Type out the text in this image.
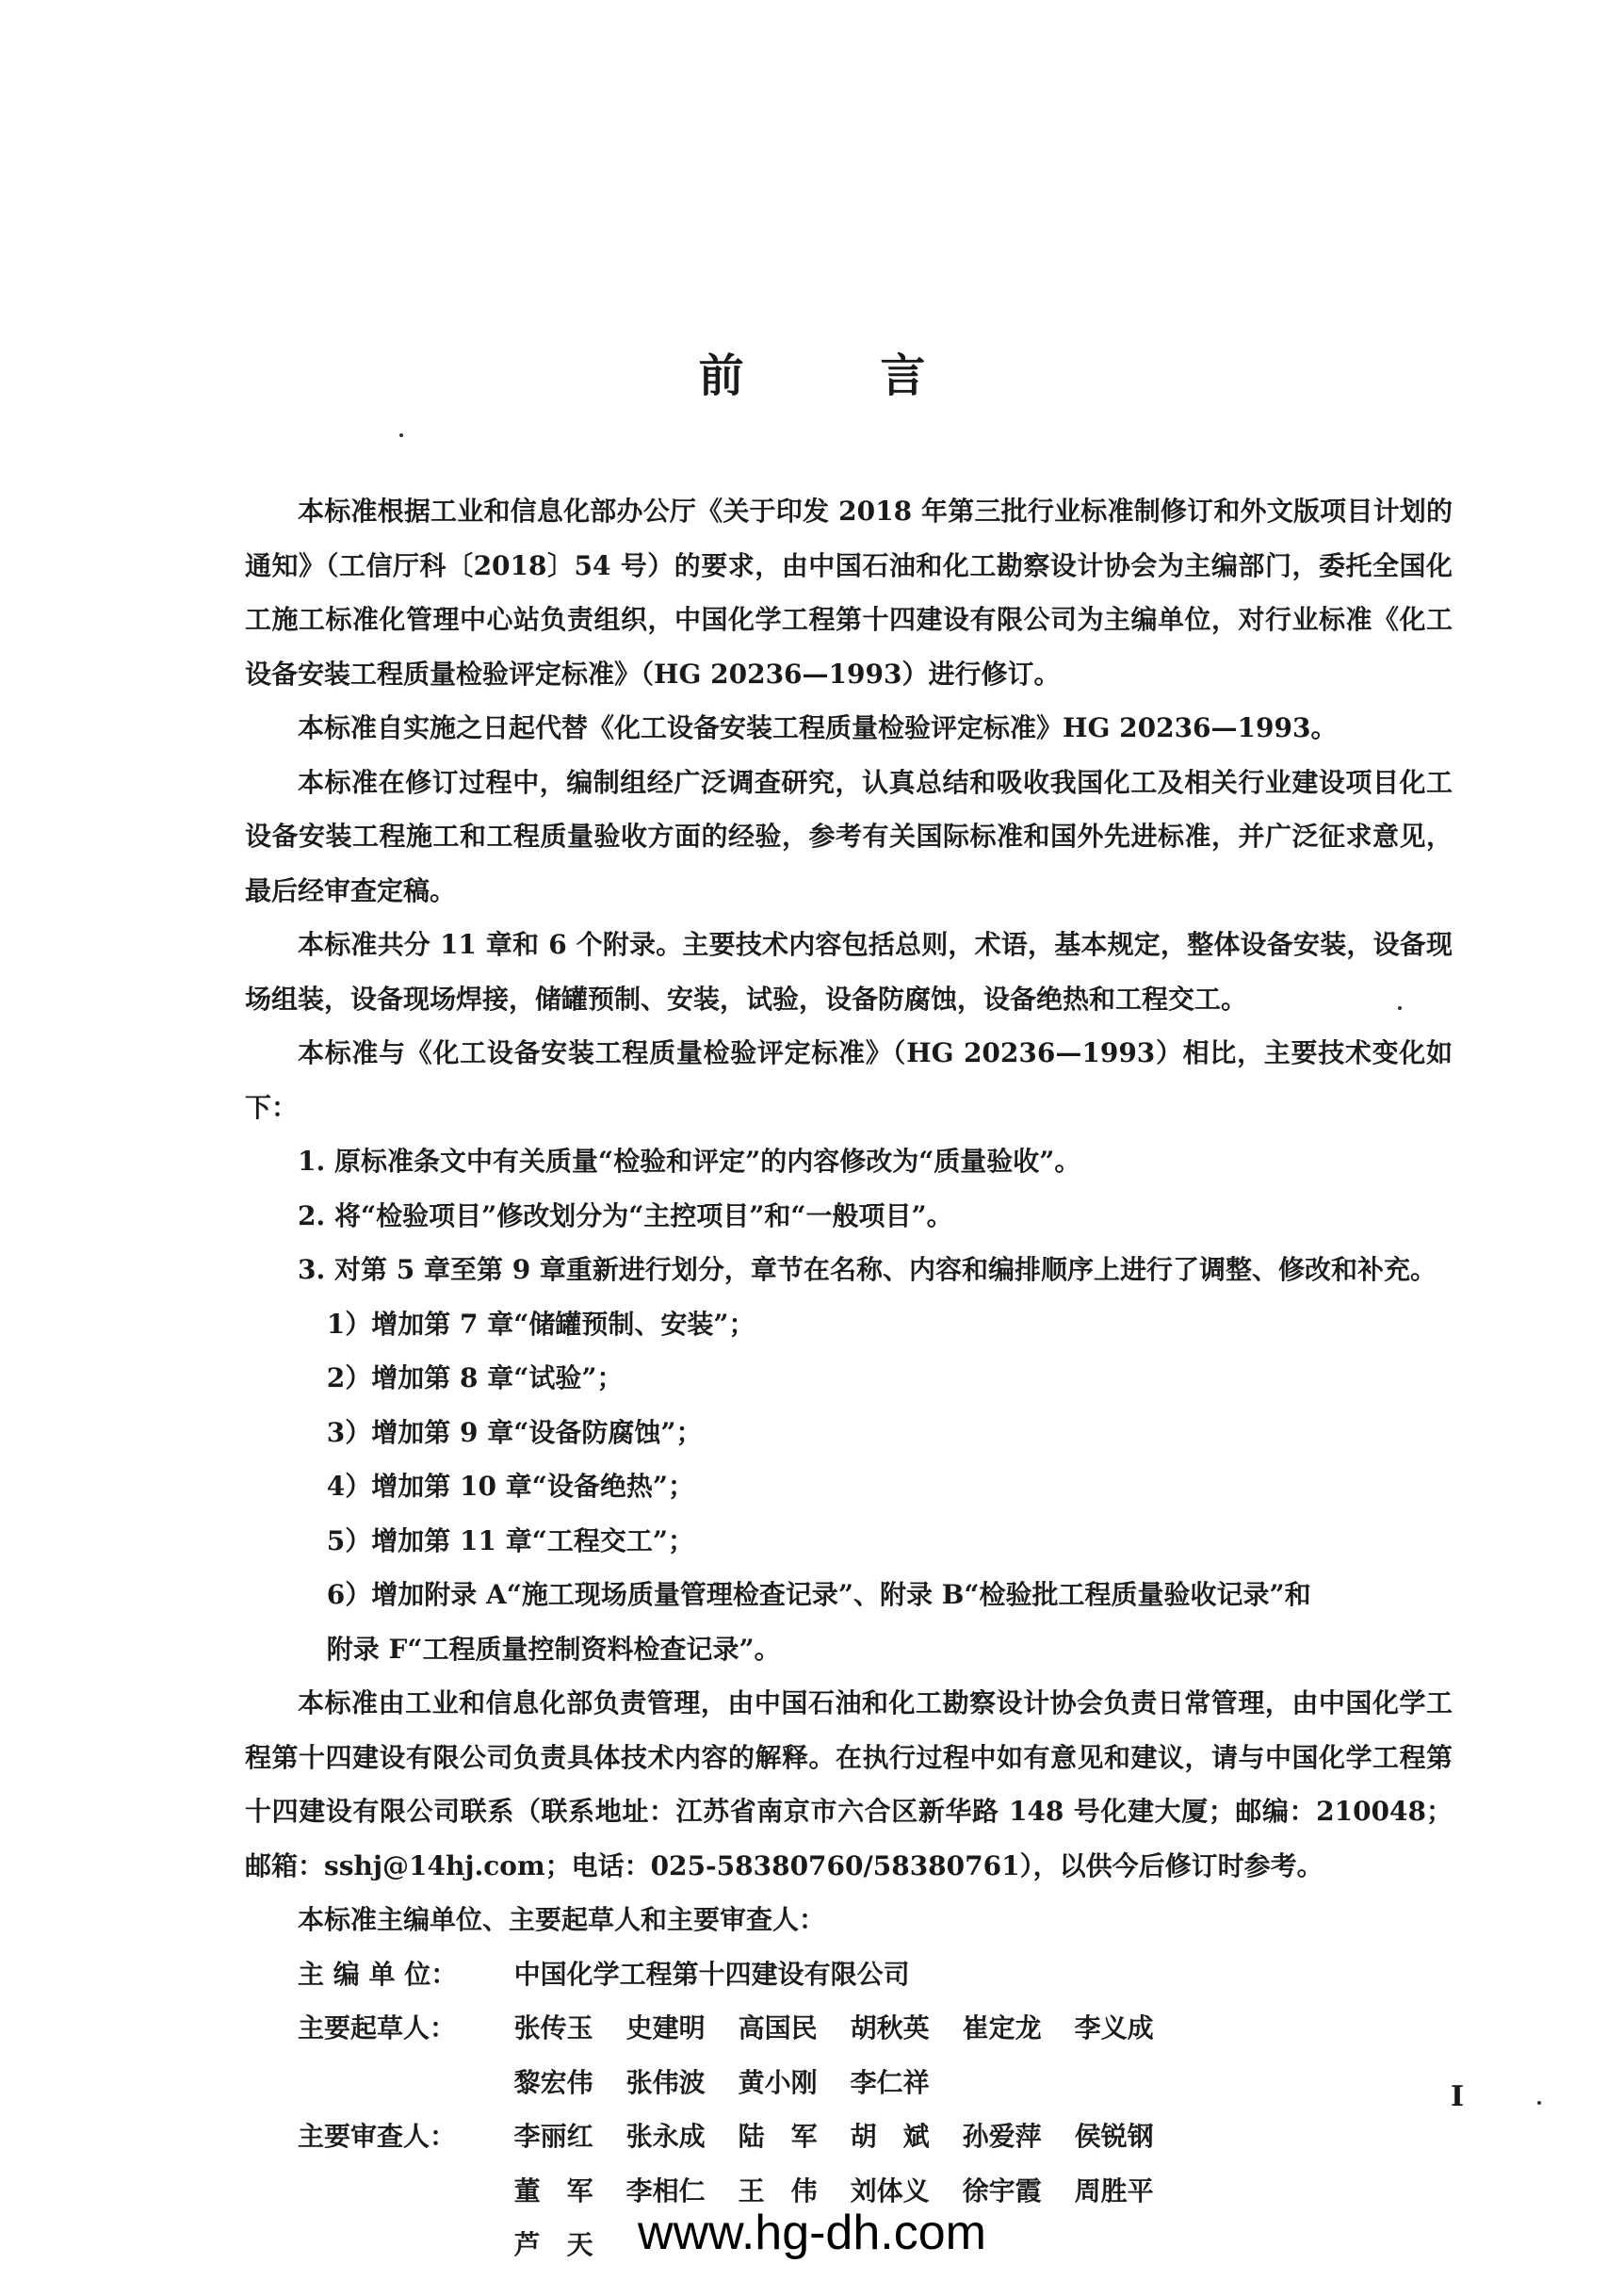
前 言

本标准根据工业和信息化部办公厅《关于印发 2018 年第三批行业标准制修订和外文版项目计划的通知》（工信厅科〔2018〕54 号）的要求，由中国石油和化工勘察设计协会为主编部门，委托全国化工施工标准化管理中心站负责组织，中国化学工程第十四建设有限公司为主编单位，对行业标准《化工设备安装工程质量检验评定标准》（HG 20236—1993）进行修订。

本标准自实施之日起代替《化工设备安装工程质量检验评定标准》HG 20236—1993。

本标准在修订过程中，编制组经广泛调查研究，认真总结和吸收我国化工及相关行业建设项目化工设备安装工程施工和工程质量验收方面的经验，参考有关国际标准和国外先进标准，并广泛征求意见，最后经审查定稿。

本标准共分 11 章和 6 个附录。主要技术内容包括总则，术语，基本规定，整体设备安装，设备现场组装，设备现场焊接，储罐预制、安装，试验，设备防腐蚀，设备绝热和工程交工。

本标准与《化工设备安装工程质量检验评定标准》（HG 20236—1993）相比，主要技术变化如下：

1. 原标准条文中有关质量“检验和评定”的内容修改为“质量验收”。

2. 将“检验项目”修改划分为“主控项目”和“一般项目”。

3. 对第 5 章至第 9 章重新进行划分，章节在名称、内容和编排顺序上进行了调整、修改和补充。

1）增加第 7 章“储罐预制、安装”；

2）增加第 8 章“试验”；

3）增加第 9 章“设备防腐蚀”；

4）增加第 10 章“设备绝热”；

5）增加第 11 章“工程交工”；

6）增加附录 A“施工现场质量管理检查记录”、附录 B“检验批工程质量验收记录”和

附录 F“工程质量控制资料检查记录”。

本标准由工业和信息化部负责管理，由中国石油和化工勘察设计协会负责日常管理，由中国化学工程第十四建设有限公司负责具体技术内容的解释。在执行过程中如有意见和建议，请与中国化学工程第十四建设有限公司联系（联系地址：江苏省南京市六合区新华路 148 号化建大厦；邮编：210048；邮箱：sshj@14hj.com；电话：025-58380760/58380761），以供今后修订时参考。

本标准主编单位、主要起草人和主要审查人：

主 编 单 位：	中国化学工程第十四建设有限公司
主要起草人：	张传玉	史建明	高国民	胡秋英	崔定龙	李义成
黎宏伟	张伟波	黄小刚	李仁祥
主要审查人：	李丽红	张永成	陆　军	胡　斌	孙爱萍	侯锐钢
董　军	李相仁	王　伟	刘体义	徐宇霞	周胜平
芦　天
I
www.hg-dh.com
